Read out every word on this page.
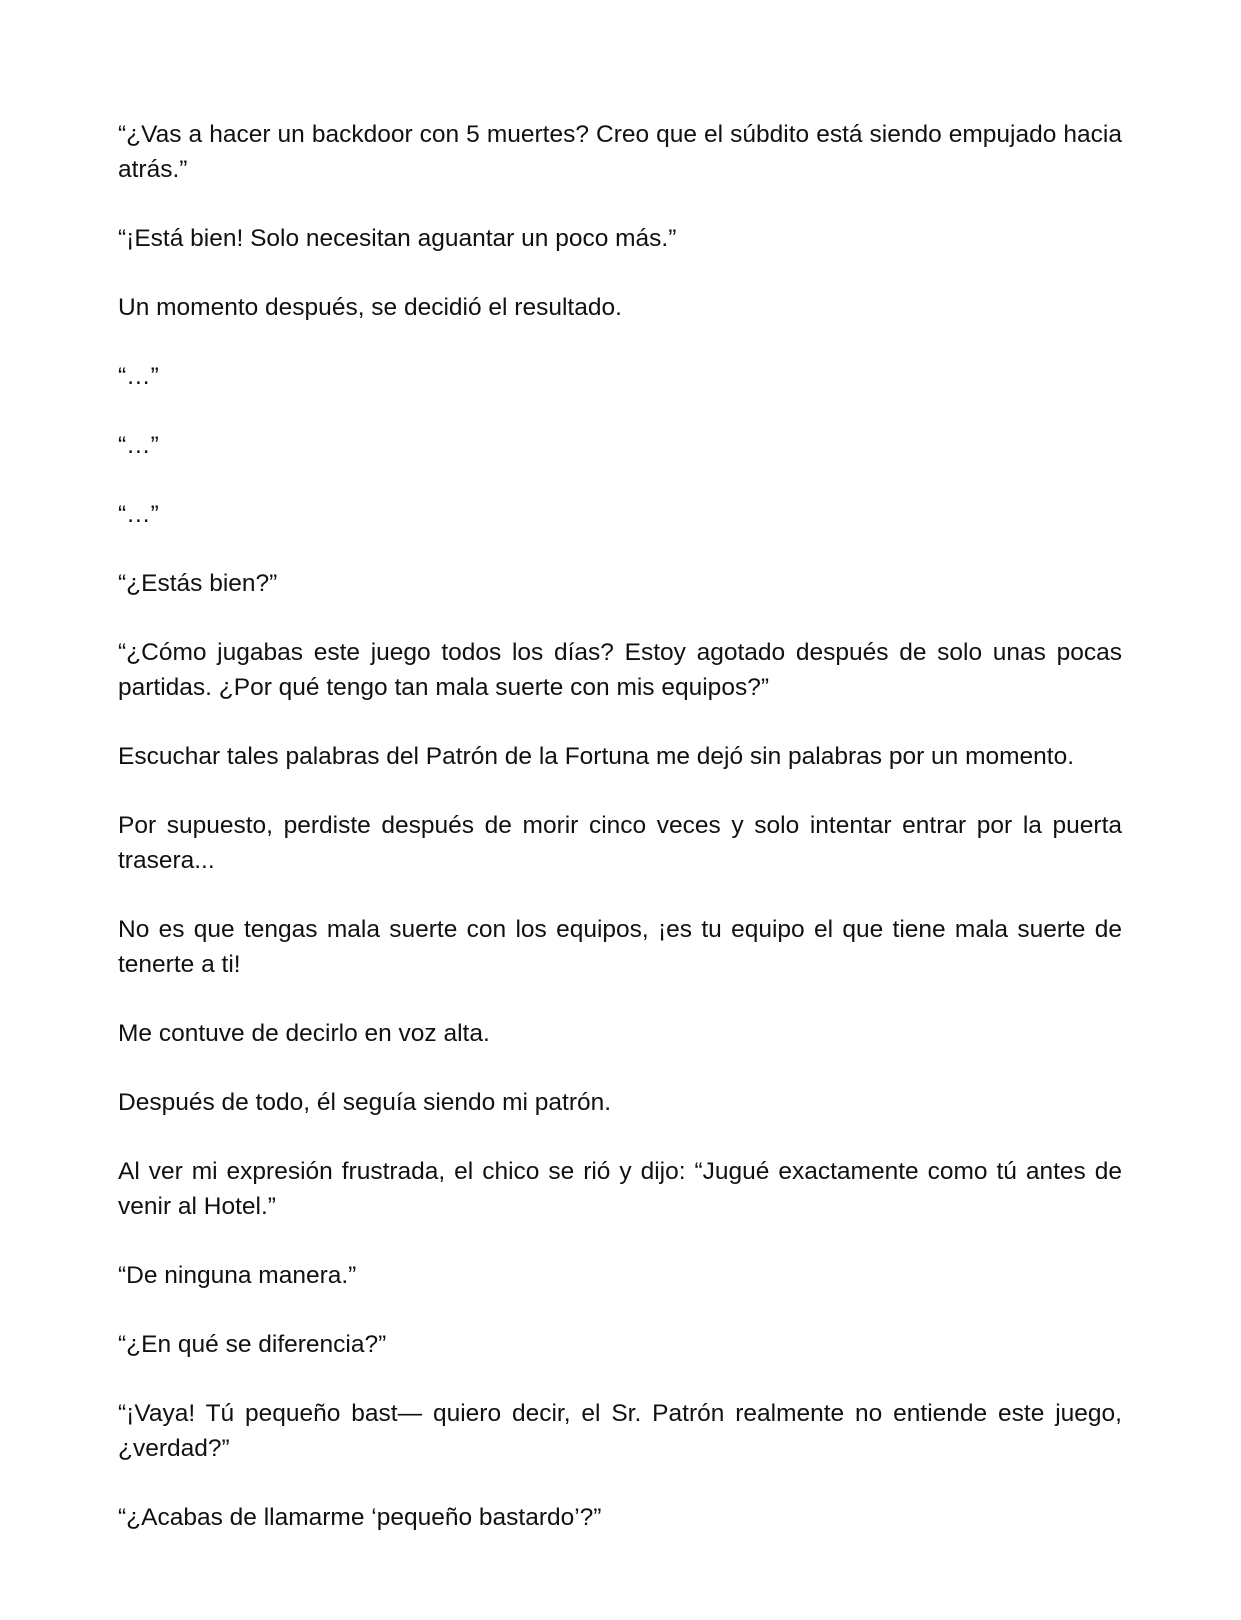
“¿Vas a hacer un backdoor con 5 muertes? Creo que el súbdito está siendo empujado hacia atrás.”

“¡Está bien! Solo necesitan aguantar un poco más.”

Un momento después, se decidió el resultado.

“…”

“…”

“…”

“¿Estás bien?”

“¿Cómo jugabas este juego todos los días? Estoy agotado después de solo unas pocas partidas. ¿Por qué tengo tan mala suerte con mis equipos?”

Escuchar tales palabras del Patrón de la Fortuna me dejó sin palabras por un momento.

Por supuesto, perdiste después de morir cinco veces y solo intentar entrar por la puerta trasera...

No es que tengas mala suerte con los equipos, ¡es tu equipo el que tiene mala suerte de tenerte a ti!

Me contuve de decirlo en voz alta.

Después de todo, él seguía siendo mi patrón.

Al ver mi expresión frustrada, el chico se rió y dijo: “Jugué exactamente como tú antes de venir al Hotel.”

“De ninguna manera.”

“¿En qué se diferencia?”

“¡Vaya! Tú pequeño bast— quiero decir, el Sr. Patrón realmente no entiende este juego, ¿verdad?”

“¿Acabas de llamarme ‘pequeño bastardo’?”
